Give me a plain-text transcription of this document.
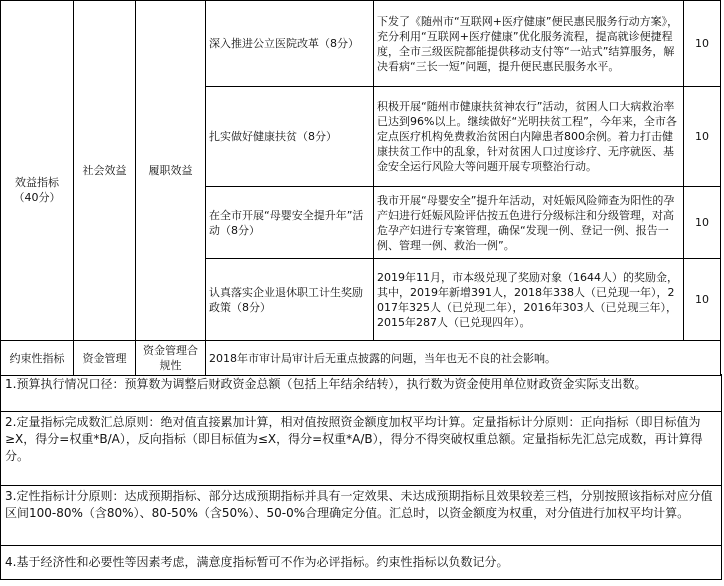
效益指标
（40分）	社会效益	履职效益	深入推进公立医院改革（8分）	下发了《随州市“互联网+医疗健康”便民惠民服务行动方案》，充分利用“互联网+医疗健康”优化服务流程，提高就诊便捷程度，全市三级医院都能提供移动支付等“一站式”结算服务，解决看病“三长一短”问题，提升便民惠民服务水平。	10
			扎实做好健康扶贫（8分）	积极开展“随州市健康扶贫神农行”活动，贫困人口大病救治率已达到96%以上。继续做好“光明扶贫工程”，今年来，全市各定点医疗机构免费救治贫困白内障患者800余例。着力打击健康扶贫工作中的乱象，针对贫困人口过度诊疗、无序就医、基金安全运行风险大等问题开展专项整治行动。	10
			在全市开展“母婴安全提升年”活动（8分）	我市开展“母婴安全”提升年活动，对妊娠风险筛查为阳性的孕产妇进行妊娠风险评估按五色进行分级标注和分级管理，对高危孕产妇进行专案管理，确保“发现一例、登记一例、报告一例、管理一例、救治一例”。	10
			认真落实企业退休职工计生奖励政策（8分）	2019年11月，市本级兑现了奖励对象（1644人）的奖励金，其中，2019年新增391人，2018年338人（已兑现一年），2017年325人（已兑现二年），2016年303人（已兑现三年），2015年287人（已兑现四年）。	10
约束性指标	资金管理	资金管理合规性	2018年市审计局审计后无重点披露的问题，当年也无不良的社会影响。		
1.预算执行情况口径：预算数为调整后财政资金总额（包括上年结余结转），执行数为资金使用单位财政资金实际支出数。
2.定量指标完成数汇总原则：绝对值直接累加计算，相对值按照资金额度加权平均计算。定量指标计分原则：正向指标（即目标值为≥X，得分=权重*B/A），反向指标（即目标值为≤X，得分=权重*A/B），得分不得突破权重总额。定量指标先汇总完成数，再计算得分。
3.定性指标计分原则：达成预期指标、部分达成预期指标并具有一定效果、未达成预期指标且效果较差三档，分别按照该指标对应分值区间100-80%（含80%）、80-50%（含50%）、50-0%合理确定分值。汇总时，以资金额度为权重，对分值进行加权平均计算。
4.基于经济性和必要性等因素考虑，满意度指标暂可不作为必评指标。约束性指标以负数记分。
